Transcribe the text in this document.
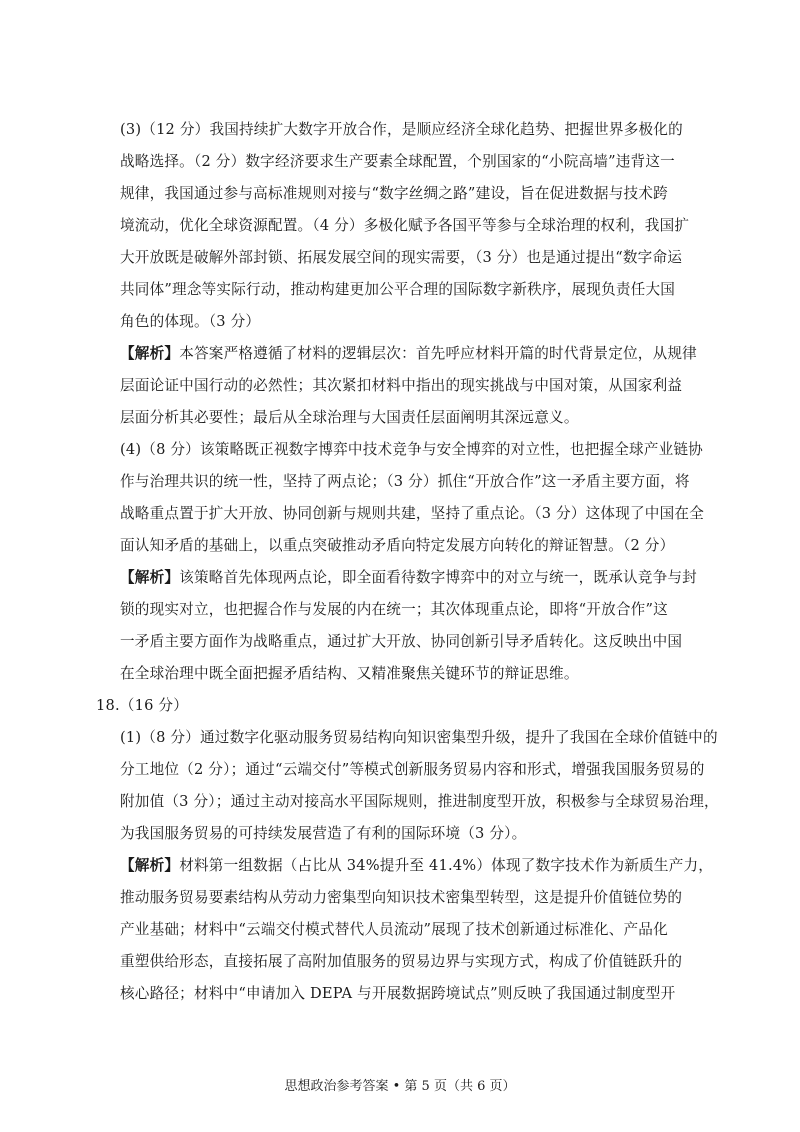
(3)（12 分）我国持续扩大数字开放合作，是顺应经济全球化趋势、把握世界多极化的
战略选择。（2 分）数字经济要求生产要素全球配置，个别国家的“小院高墙”违背这一
规律，我国通过参与高标准规则对接与“数字丝绸之路”建设，旨在促进数据与技术跨
境流动，优化全球资源配置。（4 分）多极化赋予各国平等参与全球治理的权利，我国扩
大开放既是破解外部封锁、拓展发展空间的现实需要，（3 分）也是通过提出“数字命运
共同体”理念等实际行动，推动构建更加公平合理的国际数字新秩序，展现负责任大国
角色的体现。（3 分）
【解析】本答案严格遵循了材料的逻辑层次：首先呼应材料开篇的时代背景定位，从规律
层面论证中国行动的必然性；其次紧扣材料中指出的现实挑战与中国对策，从国家利益
层面分析其必要性；最后从全球治理与大国责任层面阐明其深远意义。
(4)（8 分）该策略既正视数字博弈中技术竞争与安全博弈的对立性，也把握全球产业链协
作与治理共识的统一性，坚持了两点论；（3 分）抓住“开放合作”这一矛盾主要方面，将
战略重点置于扩大开放、协同创新与规则共建，坚持了重点论。（3 分）这体现了中国在全
面认知矛盾的基础上，以重点突破推动矛盾向特定发展方向转化的辩证智慧。（2 分）
【解析】该策略首先体现两点论，即全面看待数字博弈中的对立与统一，既承认竞争与封
锁的现实对立，也把握合作与发展的内在统一；其次体现重点论，即将“开放合作”这
一矛盾主要方面作为战略重点，通过扩大开放、协同创新引导矛盾转化。这反映出中国
在全球治理中既全面把握矛盾结构、又精准聚焦关键环节的辩证思维。
18.（16 分）
(1)（8 分）通过数字化驱动服务贸易结构向知识密集型升级，提升了我国在全球价值链中的
分工地位（2 分）；通过“云端交付”等模式创新服务贸易内容和形式，增强我国服务贸易的
附加值（3 分）；通过主动对接高水平国际规则，推进制度型开放，积极参与全球贸易治理，
为我国服务贸易的可持续发展营造了有利的国际环境（3 分）。
【解析】材料第一组数据（占比从 34%提升至 41.4%）体现了数字技术作为新质生产力，
推动服务贸易要素结构从劳动力密集型向知识技术密集型转型，这是提升价值链位势的
产业基础；材料中“云端交付模式替代人员流动”展现了技术创新通过标准化、产品化
重塑供给形态，直接拓展了高附加值服务的贸易边界与实现方式，构成了价值链跃升的
核心路径；材料中“申请加入 DEPA 与开展数据跨境试点”则反映了我国通过制度型开
思想政治参考答案 • 第 5 页（共 6 页）
